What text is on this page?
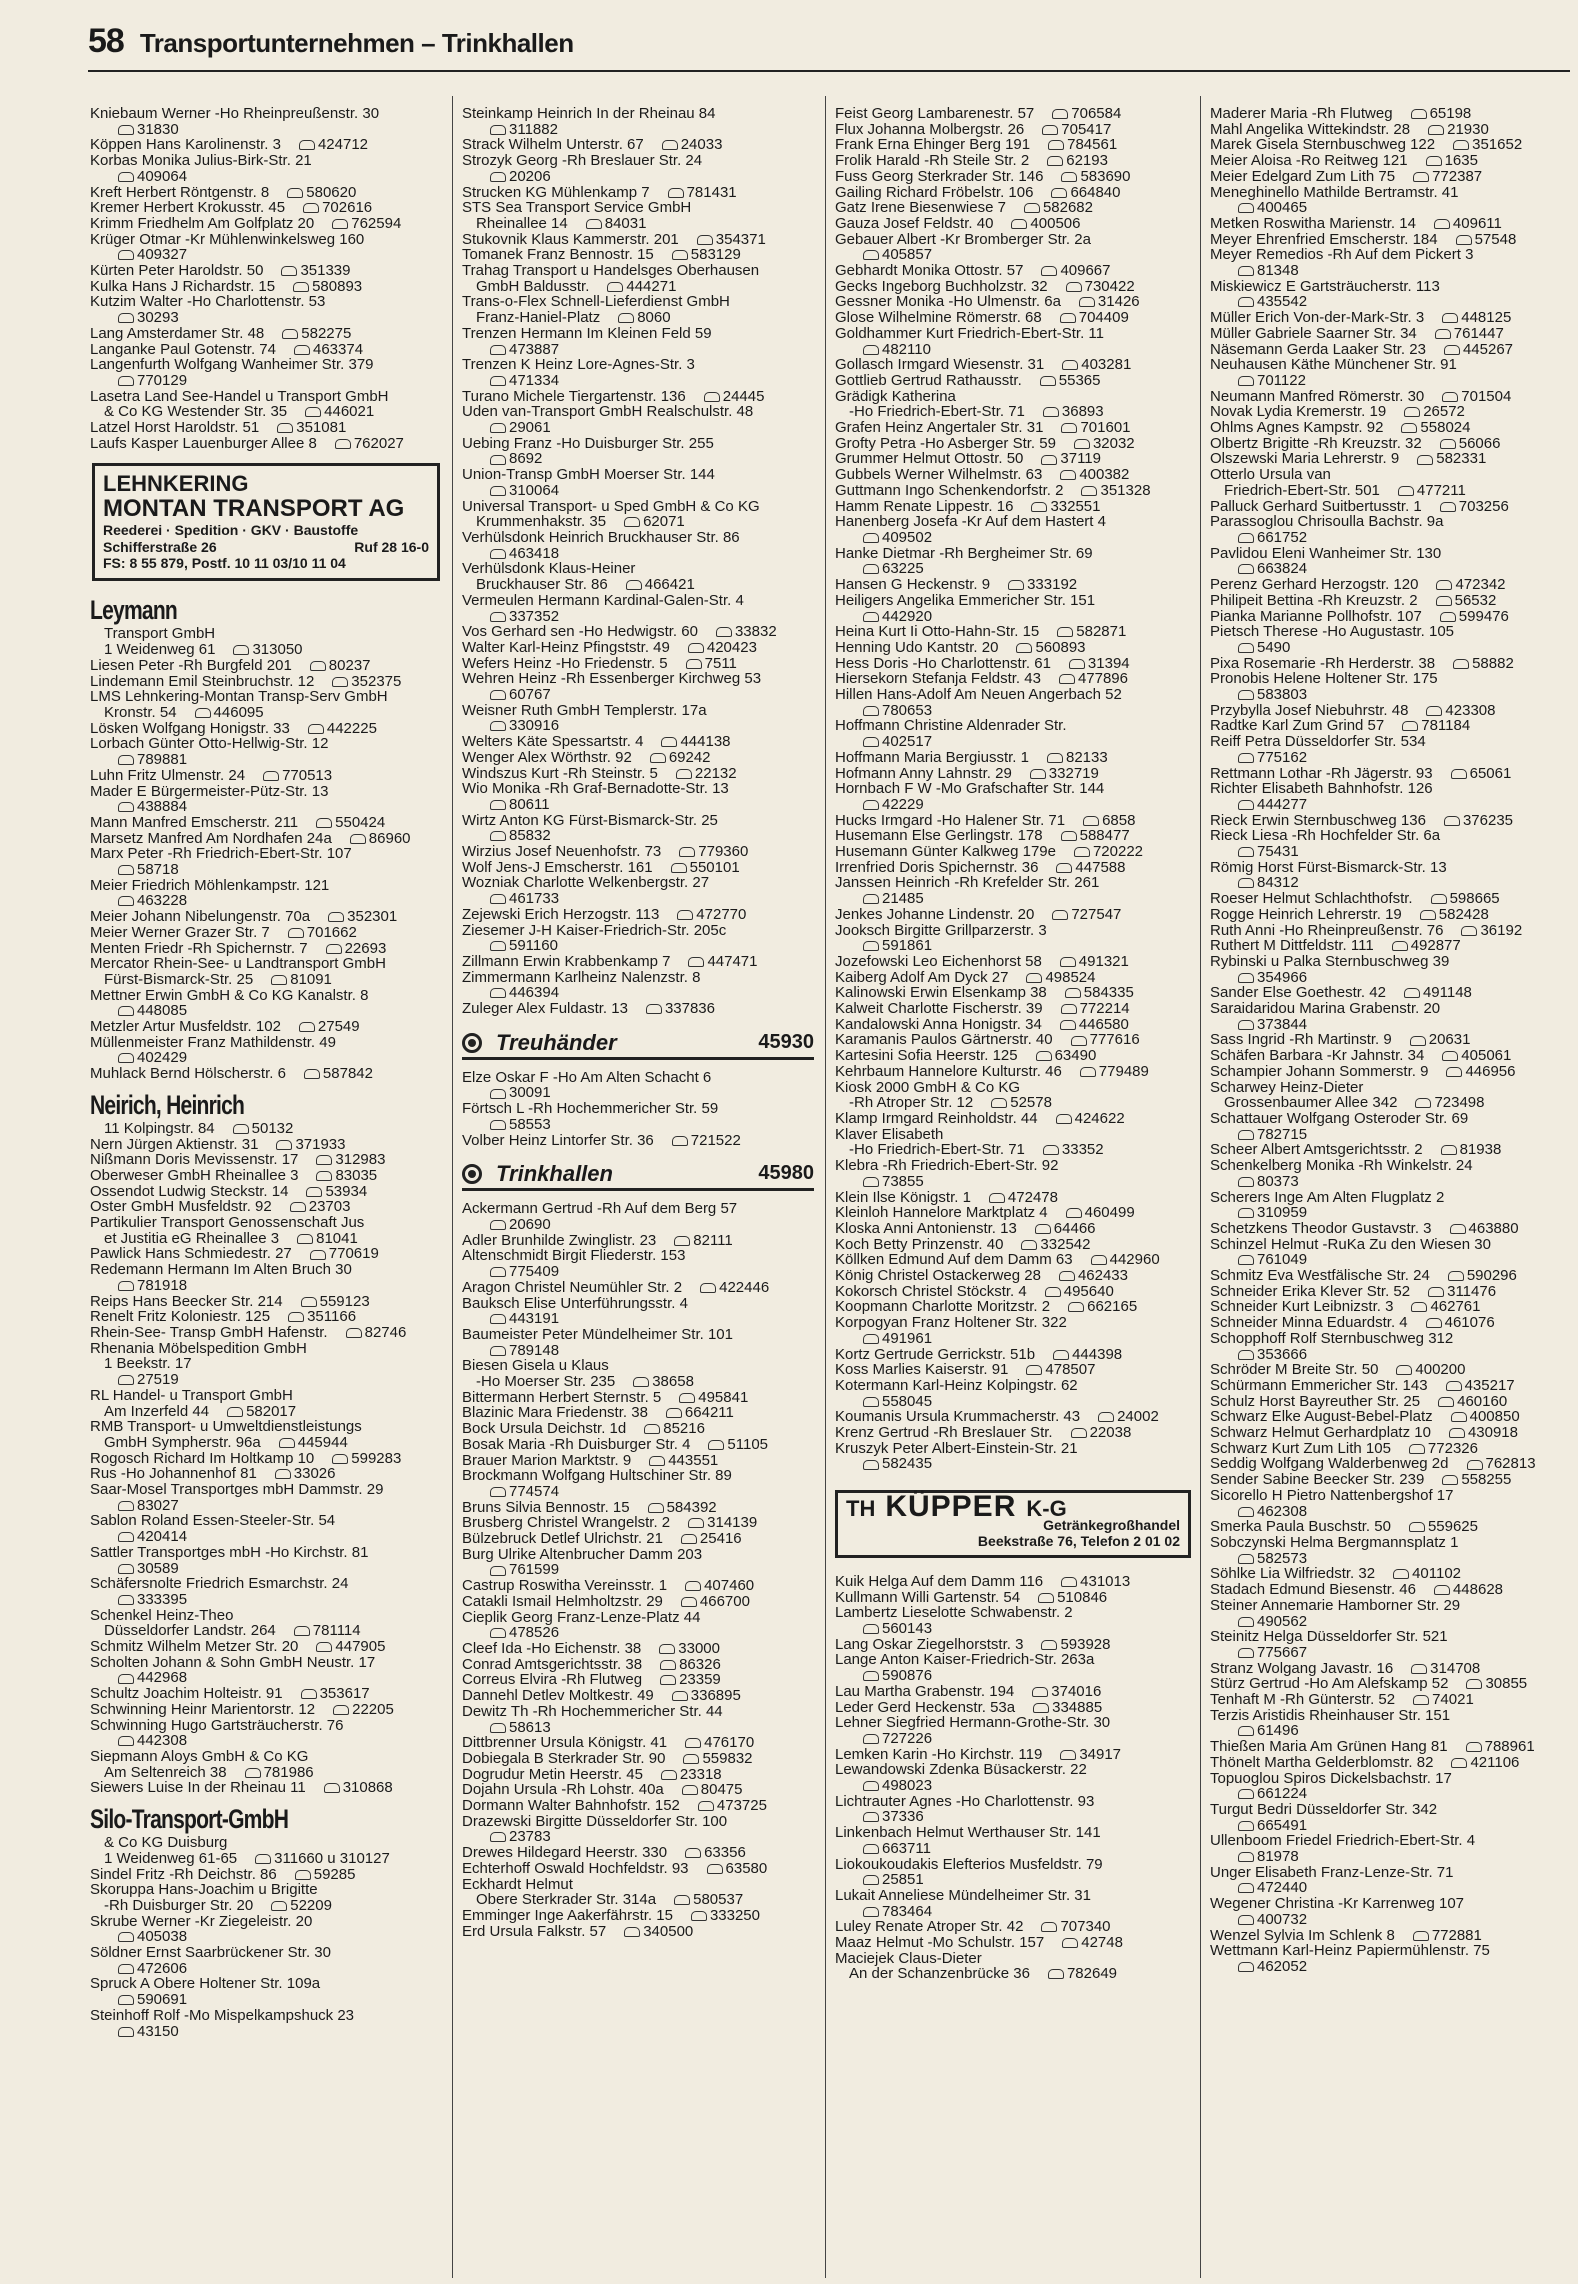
58 Transportunternehmen – Trinkhallen
Kniebaum Werner -Ho Rheinpreußenstr. 30
31830
Köppen Hans Karolinenstr. 3 424712
Korbas Monika Julius-Birk-Str. 21
409064
Kreft Herbert Röntgenstr. 8 580620
Kremer Herbert Krokusstr. 45 702616
Krimm Friedhelm Am Golfplatz 20 762594
Krüger Otmar -Kr Mühlenwinkelsweg 160
409327
Kürten Peter Haroldstr. 50 351339
Kulka Hans J Richardstr. 15 580893
Kutzim Walter -Ho Charlottenstr. 53
30293
Lang Amsterdamer Str. 48 582275
Langanke Paul Gotenstr. 74 463374
Langenfurth Wolfgang Wanheimer Str. 379
770129
Lasetra Land See-Handel u Transport GmbH
& Co KG Westender Str. 35 446021
Latzel Horst Haroldstr. 51 351081
Laufs Kasper Lauenburger Allee 8 762027
LEHNKERING
MONTAN TRANSPORT AG
Reederei · Spedition · GKV · Baustoffe
Schifferstraße 26	Ruf 28 16-0
FS: 8 55 879, Postf. 10 11 03/10 11 04
Leymann
Transport GmbH
1 Weidenweg 61 313050
Liesen Peter -Rh Burgfeld 201 80237
Lindemann Emil Steinbruchstr. 12 352375
LMS Lehnkering-Montan Transp-Serv GmbH
Kronstr. 54 446095
Lösken Wolfgang Honigstr. 33 442225
Lorbach Günter Otto-Hellwig-Str. 12
789881
Luhn Fritz Ulmenstr. 24 770513
Mader E Bürgermeister-Pütz-Str. 13
438884
Mann Manfred Emscherstr. 211 550424
Marsetz Manfred Am Nordhafen 24a 86960
Marx Peter -Rh Friedrich-Ebert-Str. 107
58718
Meier Friedrich Möhlenkampstr. 121
463228
Meier Johann Nibelungenstr. 70a 352301
Meier Werner Grazer Str. 7 701662
Menten Friedr -Rh Spichernstr. 7 22693
Mercator Rhein-See- u Landtransport GmbH
Fürst-Bismarck-Str. 25 81091
Mettner Erwin GmbH & Co KG Kanalstr. 8
448085
Metzler Artur Musfeldstr. 102 27549
Müllenmeister Franz Mathildenstr. 49
402429
Muhlack Bernd Hölscherstr. 6 587842
Neirich, Heinrich
11 Kolpingstr. 84 50132
Nern Jürgen Aktienstr. 31 371933
Nißmann Doris Mevissenstr. 17 312983
Oberweser GmbH Rheinallee 3 83035
Ossendot Ludwig Steckstr. 14 53934
Oster GmbH Musfeldstr. 92 23703
Partikulier Transport Genossenschaft Jus
et Justitia eG Rheinallee 3 81041
Pawlick Hans Schmiedestr. 27 770619
Redemann Hermann Im Alten Bruch 30
781918
Reips Hans Beecker Str. 214 559123
Renelt Fritz Koloniestr. 125 351166
Rhein-See- Transp GmbH Hafenstr. 82746
Rhenania Möbelspedition GmbH
1 Beekstr. 17
27519
RL Handel- u Transport GmbH
Am Inzerfeld 44 582017
RMB Transport- u Umweltdienstleistungs
GmbH Sympherstr. 96a 445944
Rogosch Richard Im Holtkamp 10 599283
Rus -Ho Johannenhof 81 33026
Saar-Mosel Transportges mbH Dammstr. 29
83027
Sablon Roland Essen-Steeler-Str. 54
420414
Sattler Transportges mbH -Ho Kirchstr. 81
30589
Schäfersnolte Friedrich Esmarchstr. 24
333395
Schenkel Heinz-Theo
Düsseldorfer Landstr. 264 781114
Schmitz Wilhelm Metzer Str. 20 447905
Scholten Johann & Sohn GmbH Neustr. 17
442968
Schultz Joachim Holteistr. 91 353617
Schwinning Heinr Marientorstr. 12 22205
Schwinning Hugo Gartsträucherstr. 76
442308
Siepmann Aloys GmbH & Co KG
Am Seltenreich 38 781986
Siewers Luise In der Rheinau 11 310868
Silo-Transport-GmbH
& Co KG Duisburg
1 Weidenweg 61-65 311660 u 310127
Sindel Fritz -Rh Deichstr. 86 59285
Skoruppa Hans-Joachim u Brigitte
-Rh Duisburger Str. 20 52209
Skrube Werner -Kr Ziegeleistr. 20
405038
Söldner Ernst Saarbrückener Str. 30
472606
Spruck A Obere Holtener Str. 109a
590691
Steinhoff Rolf -Mo Mispelkampshuck 23
43150
Steinkamp Heinrich In der Rheinau 84
311882
Strack Wilhelm Unterstr. 67 24033
Strozyk Georg -Rh Breslauer Str. 24
20206
Strucken KG Mühlenkamp 7 781431
STS Sea Transport Service GmbH
Rheinallee 14 84031
Stukovnik Klaus Kammerstr. 201 354371
Tomanek Franz Bennostr. 15 583129
Trahag Transport u Handelsges Oberhausen
GmbH Baldusstr. 444271
Trans-o-Flex Schnell-Lieferdienst GmbH
Franz-Haniel-Platz 8060
Trenzen Hermann Im Kleinen Feld 59
473887
Trenzen K Heinz Lore-Agnes-Str. 3
471334
Turano Michele Tiergartenstr. 136 24445
Uden van-Transport GmbH Realschulstr. 48
29061
Uebing Franz -Ho Duisburger Str. 255
8692
Union-Transp GmbH Moerser Str. 144
310064
Universal Transport- u Sped GmbH & Co KG
Krummenhakstr. 35 62071
Verhülsdonk Heinrich Bruckhauser Str. 86
463418
Verhülsdonk Klaus-Heiner
Bruckhauser Str. 86 466421
Vermeulen Hermann Kardinal-Galen-Str. 4
337352
Vos Gerhard sen -Ho Hedwigstr. 60 33832
Walter Karl-Heinz Pfingststr. 49 420423
Wefers Heinz -Ho Friedenstr. 5 7511
Wehren Heinz -Rh Essenberger Kirchweg 53
60767
Weisner Ruth GmbH Templerstr. 17a
330916
Welters Käte Spessartstr. 4 444138
Wenger Alex Wörthstr. 92 69242
Windszus Kurt -Rh Steinstr. 5 22132
Wio Monika -Rh Graf-Bernadotte-Str. 13
80611
Wirtz Anton KG Fürst-Bismarck-Str. 25
85832
Wirzius Josef Neuenhofstr. 73 779360
Wolf Jens-J Emscherstr. 161 550101
Wozniak Charlotte Welkenbergstr. 27
461733
Zejewski Erich Herzogstr. 113 472770
Ziesemer J-H Kaiser-Friedrich-Str. 205c
591160
Zillmann Erwin Krabbenkamp 7 447471
Zimmermann Karlheinz Nalenzstr. 8
446394
Zuleger Alex Fuldastr. 13 337836
Treuhänder	45930
Elze Oskar F -Ho Am Alten Schacht 6
30091
Förtsch L -Rh Hochemmericher Str. 59
58553
Volber Heinz Lintorfer Str. 36 721522
Trinkhallen	45980
Ackermann Gertrud -Rh Auf dem Berg 57
20690
Adler Brunhilde Zwinglistr. 23 82111
Altenschmidt Birgit Fliederstr. 153
775409
Aragon Christel Neumühler Str. 2 422446
Bauksch Elise Unterführungsstr. 4
443191
Baumeister Peter Mündelheimer Str. 101
789148
Biesen Gisela u Klaus
-Ho Moerser Str. 235 38658
Bittermann Herbert Sternstr. 5 495841
Blazinic Mara Friedenstr. 38 664211
Bock Ursula Deichstr. 1d 85216
Bosak Maria -Rh Duisburger Str. 4 51105
Brauer Marion Marktstr. 9 443551
Brockmann Wolfgang Hultschiner Str. 89
774574
Bruns Silvia Bennostr. 15 584392
Brusberg Christel Wrangelstr. 2 314139
Bülzebruck Detlef Ulrichstr. 21 25416
Burg Ulrike Altenbrucher Damm 203
761599
Castrup Roswitha Vereinsstr. 1 407460
Catakli Ismail Helmholtzstr. 29 466700
Cieplik Georg Franz-Lenze-Platz 44
478526
Cleef Ida -Ho Eichenstr. 38 33000
Conrad Amtsgerichtsstr. 38 86326
Correus Elvira -Rh Flutweg 23359
Dannehl Detlev Moltkestr. 49 336895
Dewitz Th -Rh Hochemmericher Str. 44
58613
Dittbrenner Ursula Königstr. 41 476170
Dobiegala B Sterkrader Str. 90 559832
Dogrudur Metin Heerstr. 45 23318
Dojahn Ursula -Rh Lohstr. 40a 80475
Dormann Walter Bahnhofstr. 152 473725
Drazewski Birgitte Düsseldorfer Str. 100
23783
Drewes Hildegard Heerstr. 330 63356
Echterhoff Oswald Hochfeldstr. 93 63580
Eckhardt Helmut
Obere Sterkrader Str. 314a 580537
Emminger Inge Aakerfährstr. 15 333250
Erd Ursula Falkstr. 57 340500
Feist Georg Lambarenestr. 57 706584
Flux Johanna Molbergstr. 26 705417
Frank Erna Ehinger Berg 191 784561
Frolik Harald -Rh Steile Str. 2 62193
Fuss Georg Sterkrader Str. 146 583690
Gailing Richard Fröbelstr. 106 664840
Gatz Irene Biesenwiese 7 582682
Gauza Josef Feldstr. 40 400506
Gebauer Albert -Kr Bromberger Str. 2a
405857
Gebhardt Monika Ottostr. 57 409667
Gecks Ingeborg Buchholzstr. 32 730422
Gessner Monika -Ho Ulmenstr. 6a 31426
Glose Wilhelmine Römerstr. 68 704409
Goldhammer Kurt Friedrich-Ebert-Str. 11
482110
Gollasch Irmgard Wiesenstr. 31 403281
Gottlieb Gertrud Rathausstr. 55365
Grädigk Katherina
-Ho Friedrich-Ebert-Str. 71 36893
Grafen Heinz Angertaler Str. 31 701601
Grofty Petra -Ho Asberger Str. 59 32032
Grummer Helmut Ottostr. 50 37119
Gubbels Werner Wilhelmstr. 63 400382
Guttmann Ingo Schenkendorfstr. 2 351328
Hamm Renate Lippestr. 16 332551
Hanenberg Josefa -Kr Auf dem Hastert 4
409502
Hanke Dietmar -Rh Bergheimer Str. 69
63225
Hansen G Heckenstr. 9 333192
Heiligers Angelika Emmericher Str. 151
442920
Heina Kurt Ii Otto-Hahn-Str. 15 582871
Henning Udo Kantstr. 20 560893
Hess Doris -Ho Charlottenstr. 61 31394
Hiersekorn Stefanja Feldstr. 43 477896
Hillen Hans-Adolf Am Neuen Angerbach 52
780653
Hoffmann Christine Aldenrader Str.
402517
Hoffmann Maria Bergiusstr. 1 82133
Hofmann Anny Lahnstr. 29 332719
Hornbach F W -Mo Grafschafter Str. 144
42229
Hucks Irmgard -Ho Halener Str. 71 6858
Husemann Else Gerlingstr. 178 588477
Husemann Günter Kalkweg 179e 720222
Irrenfried Doris Spichernstr. 36 447588
Janssen Heinrich -Rh Krefelder Str. 261
21485
Jenkes Johanne Lindenstr. 20 727547
Jooksch Birgitte Grillparzerstr. 3
591861
Jozefowski Leo Eichenhorst 58 491321
Kaiberg Adolf Am Dyck 27 498524
Kalinowski Erwin Elsenkamp 38 584335
Kalweit Charlotte Fischerstr. 39 772214
Kandalowski Anna Honigstr. 34 446580
Karamanis Paulos Gärtnerstr. 40 777616
Kartesini Sofia Heerstr. 125 63490
Kehrbaum Hannelore Kulturstr. 46 779489
Kiosk 2000 GmbH & Co KG
-Rh Atroper Str. 12 52578
Klamp Irmgard Reinholdstr. 44 424622
Klaver Elisabeth
-Ho Friedrich-Ebert-Str. 71 33352
Klebra -Rh Friedrich-Ebert-Str. 92
73855
Klein Ilse Königstr. 1 472478
Kleinloh Hannelore Marktplatz 4 460499
Kloska Anni Antonienstr. 13 64466
Koch Betty Prinzenstr. 40 332542
Köllken Edmund Auf dem Damm 63 442960
König Christel Ostackerweg 28 462433
Kokorsch Christel Stöckstr. 4 495640
Koopmann Charlotte Moritzstr. 2 662165
Korpogyan Franz Holtener Str. 322
491961
Kortz Gertrude Gerrickstr. 51b 444398
Koss Marlies Kaiserstr. 91 478507
Kotermann Karl-Heinz Kolpingstr. 62
558045
Koumanis Ursula Krummacherstr. 43 24002
Krenz Gertrud -Rh Breslauer Str. 22038
Kruszyk Peter Albert-Einstein-Str. 21
582435
TH KÜPPER K-G
Getränkegroßhandel
Beekstraße 76, Telefon 2 01 02
Kuik Helga Auf dem Damm 116 431013
Kullmann Willi Gartenstr. 54 510846
Lambertz Lieselotte Schwabenstr. 2
560143
Lang Oskar Ziegelhorststr. 3 593928
Lange Anton Kaiser-Friedrich-Str. 263a
590876
Lau Martha Grabenstr. 194 374016
Leder Gerd Heckenstr. 53a 334885
Lehner Siegfried Hermann-Grothe-Str. 30
727226
Lemken Karin -Ho Kirchstr. 119 34917
Lewandowski Zdenka Büsackerstr. 22
498023
Lichtrauter Agnes -Ho Charlottenstr. 93
37336
Linkenbach Helmut Werthauser Str. 141
663711
Liokoukoudakis Elefterios Musfeldstr. 79
25851
Lukait Anneliese Mündelheimer Str. 31
783464
Luley Renate Atroper Str. 42 707340
Maaz Helmut -Mo Schulstr. 157 42748
Maciejek Claus-Dieter
An der Schanzenbrücke 36 782649
Maderer Maria -Rh Flutweg 65198
Mahl Angelika Wittekindstr. 28 21930
Marek Gisela Sternbuschweg 122 351652
Meier Aloisa -Ro Reitweg 121 1635
Meier Edelgard Zum Lith 75 772387
Meneghinello Mathilde Bertramstr. 41
400465
Metken Roswitha Marienstr. 14 409611
Meyer Ehrenfried Emscherstr. 184 57548
Meyer Remedios -Rh Auf dem Pickert 3
81348
Miskiewicz E Gartsträucherstr. 113
435542
Müller Erich Von-der-Mark-Str. 3 448125
Müller Gabriele Saarner Str. 34 761447
Näsemann Gerda Laaker Str. 23 445267
Neuhausen Käthe Münchener Str. 91
701122
Neumann Manfred Römerstr. 30 701504
Novak Lydia Kremerstr. 19 26572
Ohlms Agnes Kampstr. 92 558024
Olbertz Brigitte -Rh Kreuzstr. 32 56066
Olszewski Maria Lehrerstr. 9 582331
Otterlo Ursula van
Friedrich-Ebert-Str. 501 477211
Palluck Gerhard Suitbertusstr. 1 703256
Parassoglou Chrisoulla Bachstr. 9a
661752
Pavlidou Eleni Wanheimer Str. 130
663824
Perenz Gerhard Herzogstr. 120 472342
Philipeit Bettina -Rh Kreuzstr. 2 56532
Pianka Marianne Pollhofstr. 107 599476
Pietsch Therese -Ho Augustastr. 105
5490
Pixa Rosemarie -Rh Herderstr. 38 58882
Pronobis Helene Holtener Str. 175
583803
Przybylla Josef Niebuhrstr. 48 423308
Radtke Karl Zum Grind 57 781184
Reiff Petra Düsseldorfer Str. 534
775162
Rettmann Lothar -Rh Jägerstr. 93 65061
Richter Elisabeth Bahnhofstr. 126
444277
Rieck Erwin Sternbuschweg 136 376235
Rieck Liesa -Rh Hochfelder Str. 6a
75431
Römig Horst Fürst-Bismarck-Str. 13
84312
Roeser Helmut Schlachthofstr. 598665
Rogge Heinrich Lehrerstr. 19 582428
Ruth Anni -Ho Rheinpreußenstr. 76 36192
Ruthert M Dittfeldstr. 111 492877
Rybinski u Palka Sternbuschweg 39
354966
Sander Else Goethestr. 42 491148
Saraidaridou Marina Grabenstr. 20
373844
Sass Ingrid -Rh Martinstr. 9 20631
Schäfen Barbara -Kr Jahnstr. 34 405061
Schampier Johann Sommerstr. 9 446956
Scharwey Heinz-Dieter
Grossenbaumer Allee 342 723498
Schattauer Wolfgang Osteroder Str. 69
782715
Scheer Albert Amtsgerichtsstr. 2 81938
Schenkelberg Monika -Rh Winkelstr. 24
80373
Scherers Inge Am Alten Flugplatz 2
310959
Schetzkens Theodor Gustavstr. 3 463880
Schinzel Helmut -RuKa Zu den Wiesen 30
761049
Schmitz Eva Westfälische Str. 24 590296
Schneider Erika Klever Str. 52 311476
Schneider Kurt Leibnizstr. 3 462761
Schneider Minna Eduardstr. 4 461076
Schopphoff Rolf Sternbuschweg 312
353666
Schröder M Breite Str. 50 400200
Schürmann Emmericher Str. 143 435217
Schulz Horst Bayreuther Str. 25 460160
Schwarz Elke August-Bebel-Platz 400850
Schwarz Helmut Gerhardplatz 10 430918
Schwarz Kurt Zum Lith 105 772326
Seddig Wolfgang Walderbenweg 2d 762813
Sender Sabine Beecker Str. 239 558255
Sicorello H Pietro Nattenbergshof 17
462308
Smerka Paula Buschstr. 50 559625
Sobczynski Helma Bergmannsplatz 1
582573
Söhlke Lia Wilfriedstr. 32 401102
Stadach Edmund Biesenstr. 46 448628
Steiner Annemarie Hamborner Str. 29
490562
Steinitz Helga Düsseldorfer Str. 521
775667
Stranz Wolgang Javastr. 16 314708
Stürz Gertrud -Ho Am Alefskamp 52 30855
Tenhaft M -Rh Günterstr. 52 74021
Terzis Aristidis Rheinhauser Str. 151
61496
Thießen Maria Am Grünen Hang 81 788961
Thönelt Martha Gelderblomstr. 82 421106
Topuoglou Spiros Dickelsbachstr. 17
661224
Turgut Bedri Düsseldorfer Str. 342
665491
Ullenboom Friedel Friedrich-Ebert-Str. 4
81978
Unger Elisabeth Franz-Lenze-Str. 71
472440
Wegener Christina -Kr Karrenweg 107
400732
Wenzel Sylvia Im Schlenk 8 772881
Wettmann Karl-Heinz Papiermühlenstr. 75
462052
